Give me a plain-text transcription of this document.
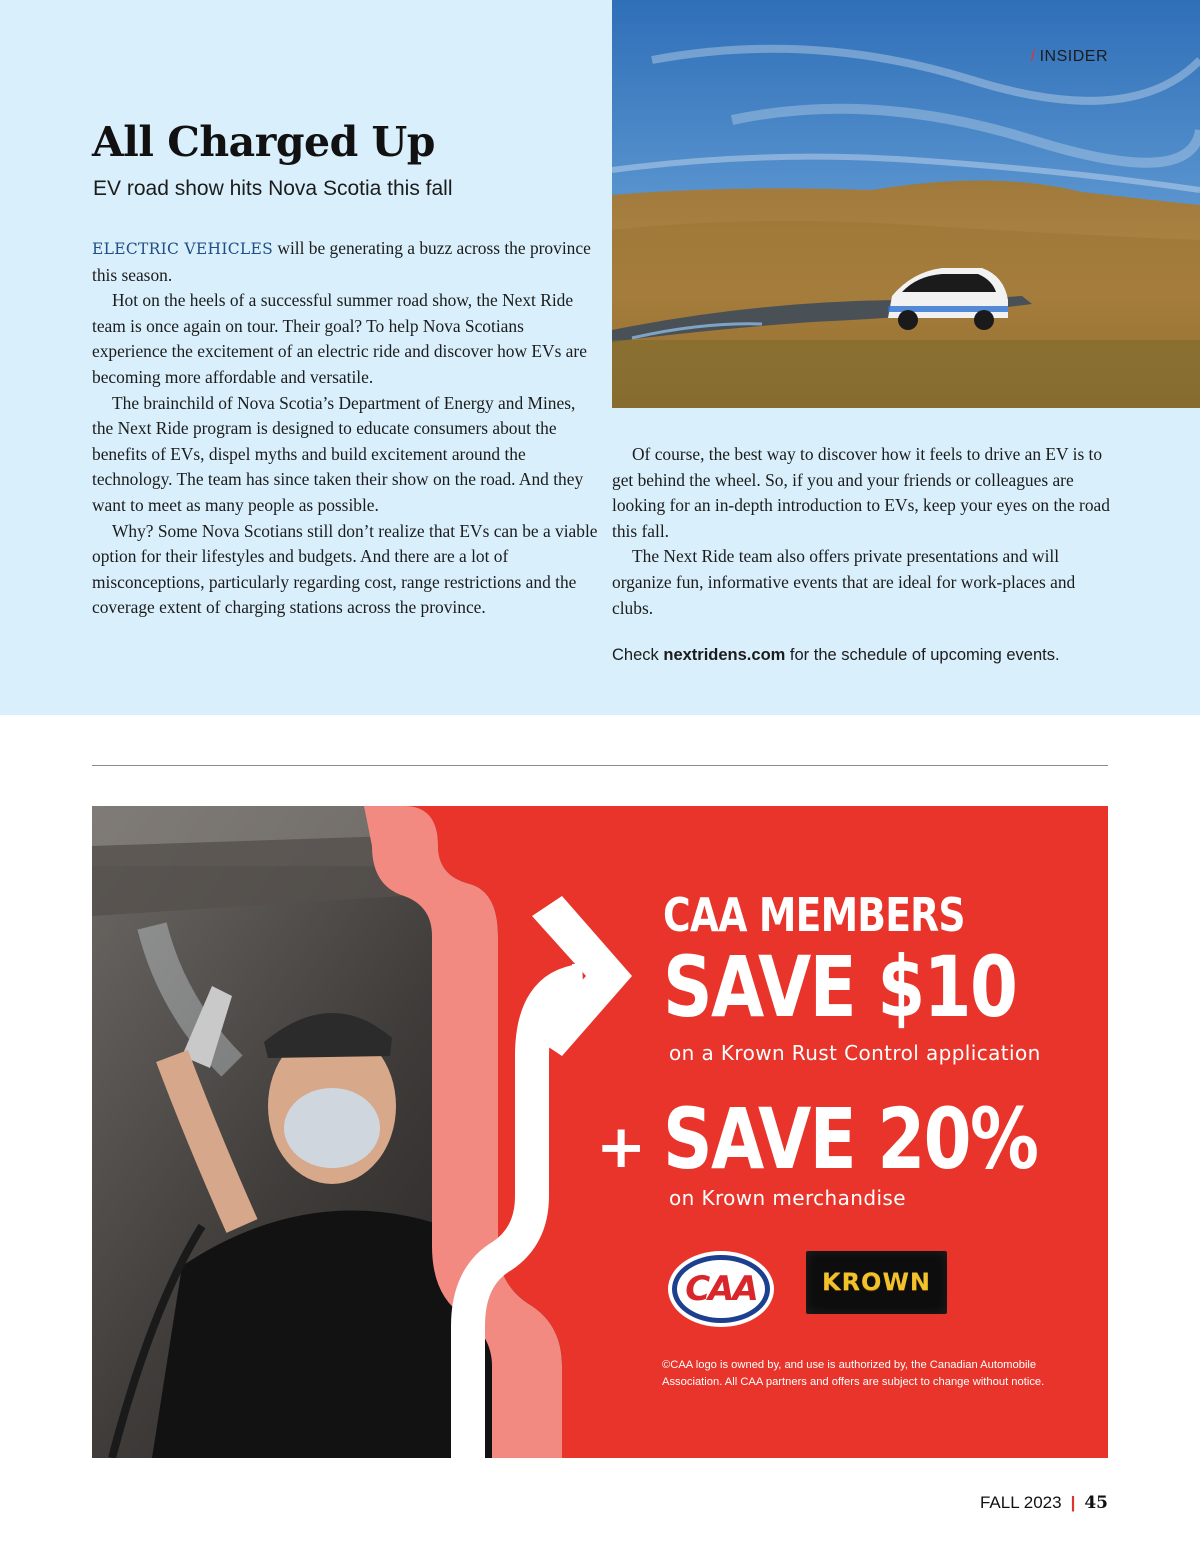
/ INSIDER
All Charged Up
EV road show hits Nova Scotia this fall

ELECTRIC VEHICLES will be generating a buzz across the province this season.

Hot on the heels of a successful summer road show, the Next Ride team is once again on tour. Their goal? To help Nova Scotians experience the excitement of an electric ride and discover how EVs are becoming more affordable and versatile.

The brainchild of Nova Scotia’s Department of Energy and Mines, the Next Ride program is designed to educate consumers about the benefits of EVs, dispel myths and build excitement around the technology. The team has since taken their show on the road. And they want to meet as many people as possible.

Why? Some Nova Scotians still don’t realize that EVs can be a viable option for their lifestyles and budgets. And there are a lot of misconceptions, particularly regarding cost, range restrictions and the coverage extent of charging stations across the province.

Of course, the best way to discover how it feels to drive an EV is to get behind the wheel. So, if you and your friends or colleagues are looking for an in-depth introduction to EVs, keep your eyes on the road this fall.

The Next Ride team also offers private presentations and will organize fun, informative events that are ideal for work-places and clubs.

Check nextridens.com for the schedule of upcoming events.
CAA MEMBERS
SAVE $10
on a Krown Rust Control application
+ SAVE 20%
on Krown merchandise
CAA	KROWN
©CAA logo is owned by, and use is authorized by, the Canadian Automobile Association. All CAA partners and offers are subject to change without notice.
FALL 2023 | 45
